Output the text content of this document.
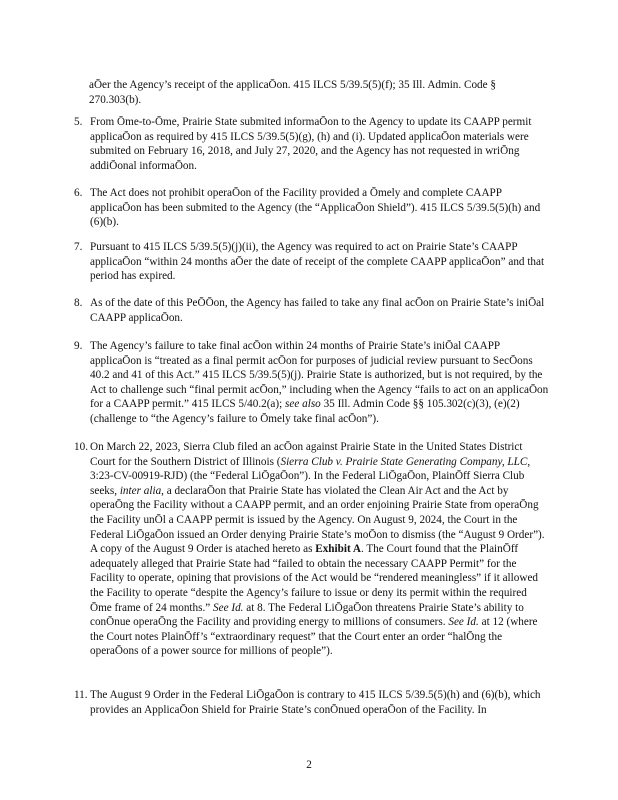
aŌer the Agency’s receipt of the applicaŌon. 415 ILCS 5/39.5(5)(f); 35 Ill. Admin. Code § 270.303(b).
5. From Ōme-to-Ōme, Prairie State submited informaŌon to the Agency to update its CAAPP permit applicaŌon as required by 415 ILCS 5/39.5(5)(g), (h) and (i). Updated applicaŌon materials were submited on February 16, 2018, and July 27, 2020, and the Agency has not requested in wriŌng addiŌonal informaŌon.
6. The Act does not prohibit operaŌon of the Facility provided a Ōmely and complete CAAPP applicaŌon has been submited to the Agency (the “ApplicaŌon Shield”). 415 ILCS 5/39.5(5)(h) and (6)(b).
7. Pursuant to 415 ILCS 5/39.5(5)(j)(ii), the Agency was required to act on Prairie State’s CAAPP applicaŌon “within 24 months aŌer the date of receipt of the complete CAAPP applicaŌon” and that period has expired.
8. As of the date of this PeŌŌon, the Agency has failed to take any final acŌon on Prairie State’s iniŌal CAAPP applicaŌon.
9. The Agency’s failure to take final acŌon within 24 months of Prairie State’s iniŌal CAAPP applicaŌon is “treated as a final permit acŌon for purposes of judicial review pursuant to SecŌons 40.2 and 41 of this Act.” 415 ILCS 5/39.5(5)(j). Prairie State is authorized, but is not required, by the Act to challenge such “final permit acŌon,” including when the Agency “fails to act on an applicaŌon for a CAAPP permit.” 415 ILCS 5/40.2(a); see also 35 Ill. Admin Code §§ 105.302(c)(3), (e)(2) (challenge to “the Agency’s failure to Ōmely take final acŌon”).
10. On March 22, 2023, Sierra Club filed an acŌon against Prairie State in the United States District Court for the Southern District of Illinois (Sierra Club v. Prairie State Generating Company, LLC, 3:23-CV-00919-RJD) (the “Federal LiŌgaŌon”). In the Federal LiŌgaŌon, PlainŌff Sierra Club seeks, inter alia, a declaraŌon that Prairie State has violated the Clean Air Act and the Act by operaŌng the Facility without a CAAPP permit, and an order enjoining Prairie State from operaŌng the Facility unŌl a CAAPP permit is issued by the Agency. On August 9, 2024, the Court in the Federal LiŌgaŌon issued an Order denying Prairie State’s moŌon to dismiss (the “August 9 Order”). A copy of the August 9 Order is atached hereto as Exhibit A. The Court found that the PlainŌff adequately alleged that Prairie State had “failed to obtain the necessary CAAPP Permit” for the Facility to operate, opining that provisions of the Act would be “rendered meaningless” if it allowed the Facility to operate “despite the Agency’s failure to issue or deny its permit within the required Ōme frame of 24 months.” See Id. at 8. The Federal LiŌgaŌon threatens Prairie State’s ability to conŌnue operaŌng the Facility and providing energy to millions of consumers. See Id. at 12 (where the Court notes PlainŌff’s “extraordinary request” that the Court enter an order “halŌng the operaŌons of a power source for millions of people”).
11. The August 9 Order in the Federal LiŌgaŌon is contrary to 415 ILCS 5/39.5(5)(h) and (6)(b), which provides an ApplicaŌon Shield for Prairie State’s conŌnued operaŌon of the Facility. In
2
